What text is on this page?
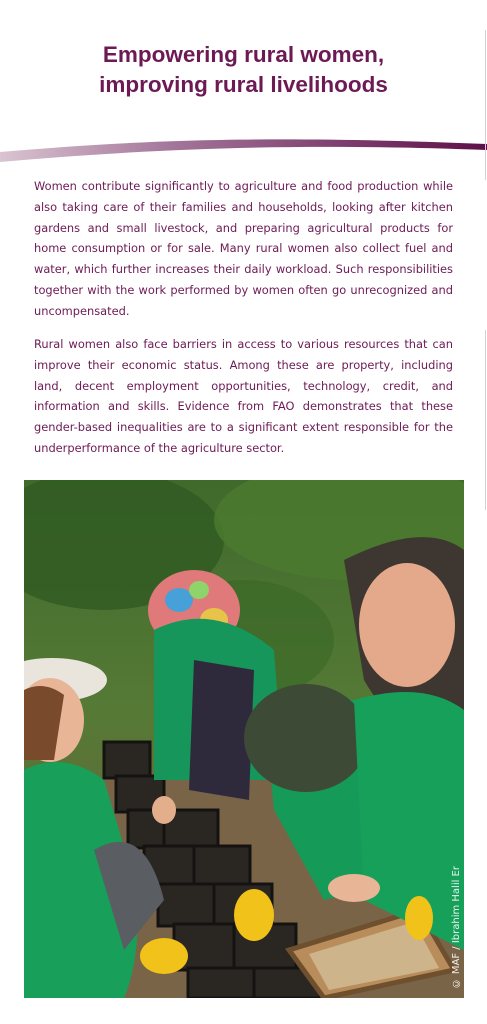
Empowering rural women,
improving rural livelihoods

Women contribute significantly to agriculture and food production while also taking care of their families and households, looking after kitchen gardens and small livestock, and preparing agricultural products for home consumption or for sale. Many rural women also collect fuel and water, which further increases their daily workload. Such responsibilities together with the work performed by women often go unrecognized and uncompensated.

Rural women also face barriers in access to various resources that can improve their economic status. Among these are property, including land, decent employment opportunities, technology, credit, and information and skills. Evidence from FAO demonstrates that these gender-based inequalities are to a significant extent responsible for the underperformance of the agriculture sector.

© MAF / Ibrahim Halil Er
